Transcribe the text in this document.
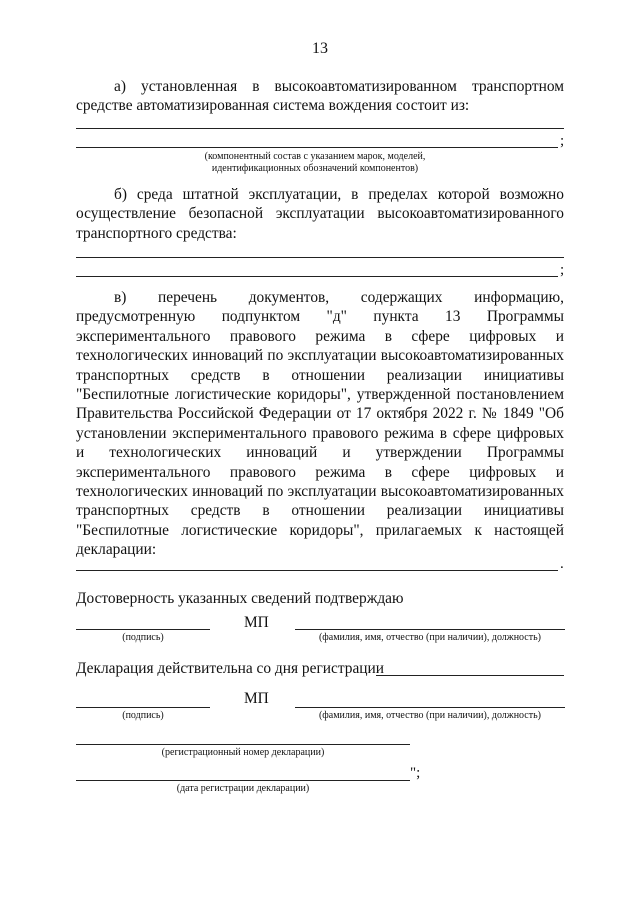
13
а) установленная в высокоавтоматизированном транспортном средстве автоматизированная система вождения состоит из:
;
(компонентный состав с указанием марок, моделей, идентификационных обозначений компонентов)
б) среда штатной эксплуатации, в пределах которой возможно осуществление безопасной эксплуатации высокоавтоматизированного транспортного средства:
;
в) перечень документов, содержащих информацию, предусмотренную подпунктом "д" пункта 13 Программы экспериментального правового режима в сфере цифровых и технологических инноваций по эксплуатации высокоавтоматизированных транспортных средств в отношении реализации инициативы "Беспилотные логистические коридоры", утвержденной постановлением Правительства Российской Федерации от 17 октября 2022 г. № 1849 "Об установлении экспериментального правового режима в сфере цифровых и технологических инноваций и утверждении Программы экспериментального правового режима в сфере цифровых и технологических инноваций по эксплуатации высокоавтоматизированных транспортных средств в отношении реализации инициативы "Беспилотные логистические коридоры", прилагаемых к настоящей декларации:
.
Достоверность указанных сведений подтверждаю
МП
(подпись)	(фамилия, имя, отчество (при наличии), должность)
Декларация действительна со дня регистрации
МП
(подпись)	(фамилия, имя, отчество (при наличии), должность)
(регистрационный номер декларации)
";
(дата регистрации декларации)
